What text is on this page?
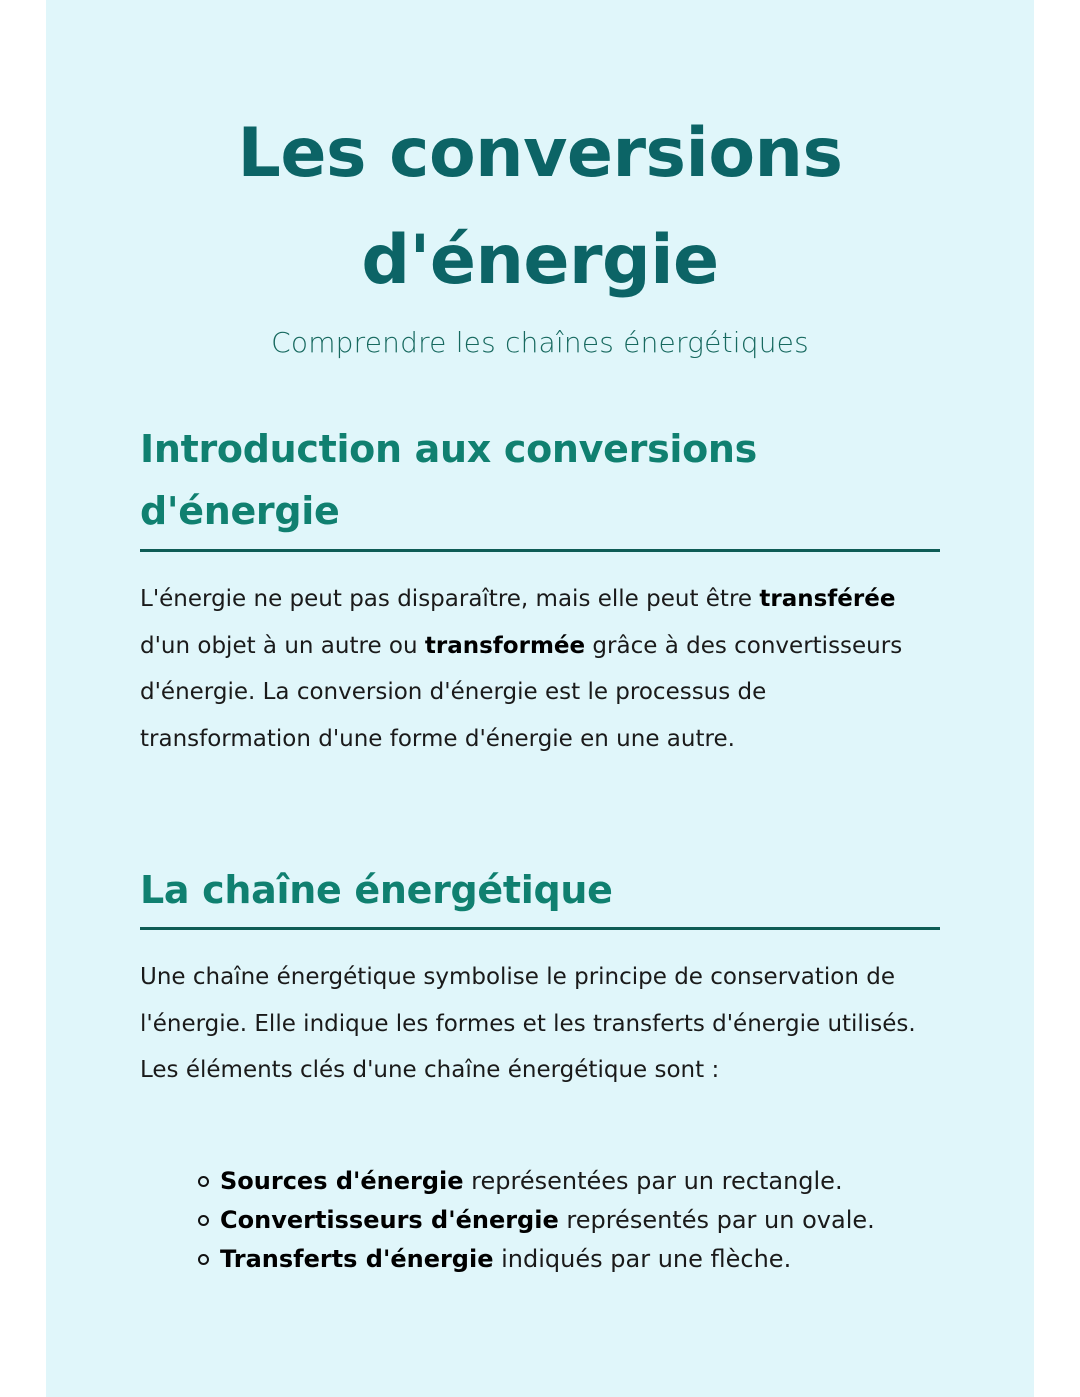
Les conversions d'énergie
Comprendre les chaînes énergétiques
Introduction aux conversions d'énergie

L'énergie ne peut pas disparaître, mais elle peut être transférée d'un objet à un autre ou transformée grâce à des convertisseurs d'énergie. La conversion d'énergie est le processus de transformation d'une forme d'énergie en une autre.

La chaîne énergétique

Une chaîne énergétique symbolise le principe de conservation de l'énergie. Elle indique les formes et les transferts d'énergie utilisés. Les éléments clés d'une chaîne énergétique sont :

Sources d'énergie représentées par un rectangle.
Convertisseurs d'énergie représentés par un ovale.
Transferts d'énergie indiqués par une flèche.
